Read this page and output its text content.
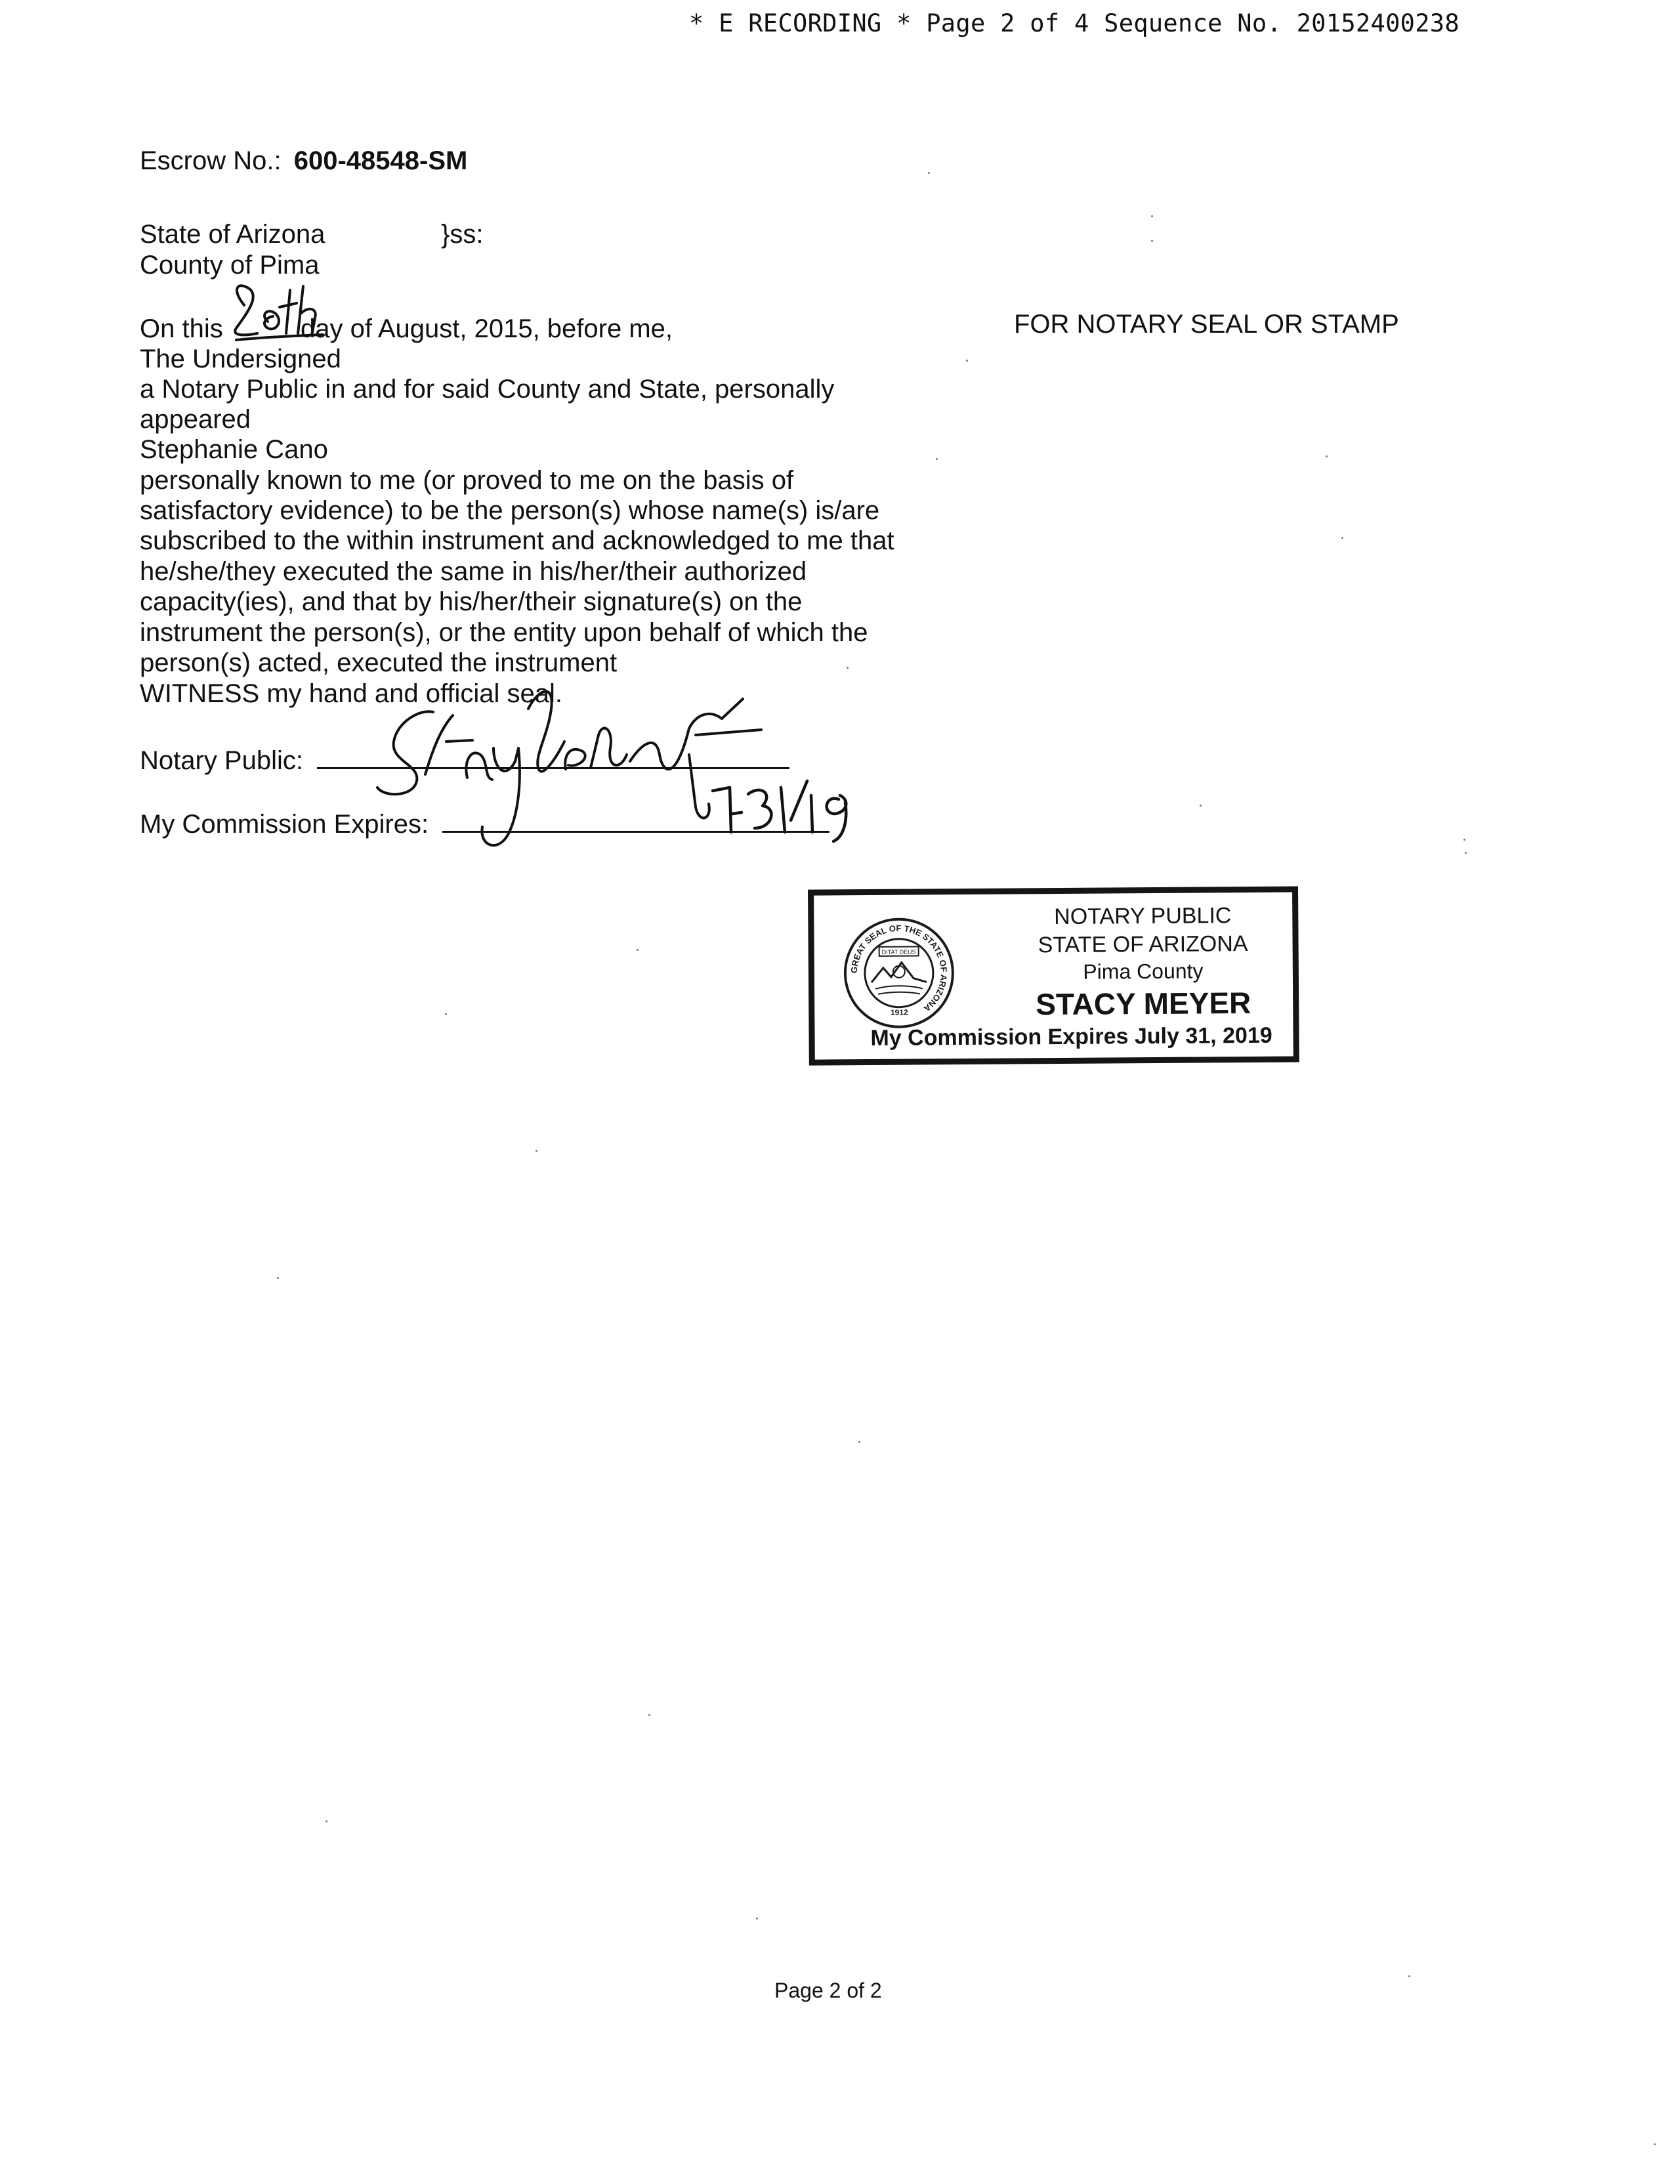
* E RECORDING * Page 2 of 4 Sequence No. 20152400238
Escrow No.: 600-48548-SM
State of Arizona	}ss:
County of Pima
On this	day of August, 2015, before me,
The Undersigned
a Notary Public in and for said County and State, personally
appeared
Stephanie Cano
personally known to me (or proved to me on the basis of
satisfactory evidence) to be the person(s) whose name(s) is/are
subscribed to the within instrument and acknowledged to me that
he/she/they executed the same in his/her/their authorized
capacity(ies), and that by his/her/their signature(s) on the
instrument the person(s), or the entity upon behalf of which the
person(s) acted, executed the instrument
WITNESS my hand and official seal.
Notary Public:
My Commission Expires:
FOR NOTARY SEAL OR STAMP
GREAT SEAL OF THE STATE OF ARIZONA
DITAT DEUS
1912
NOTARY PUBLIC
STATE OF ARIZONA
Pima County
STACY MEYER
My Commission Expires July 31, 2019
Page 2 of 2
